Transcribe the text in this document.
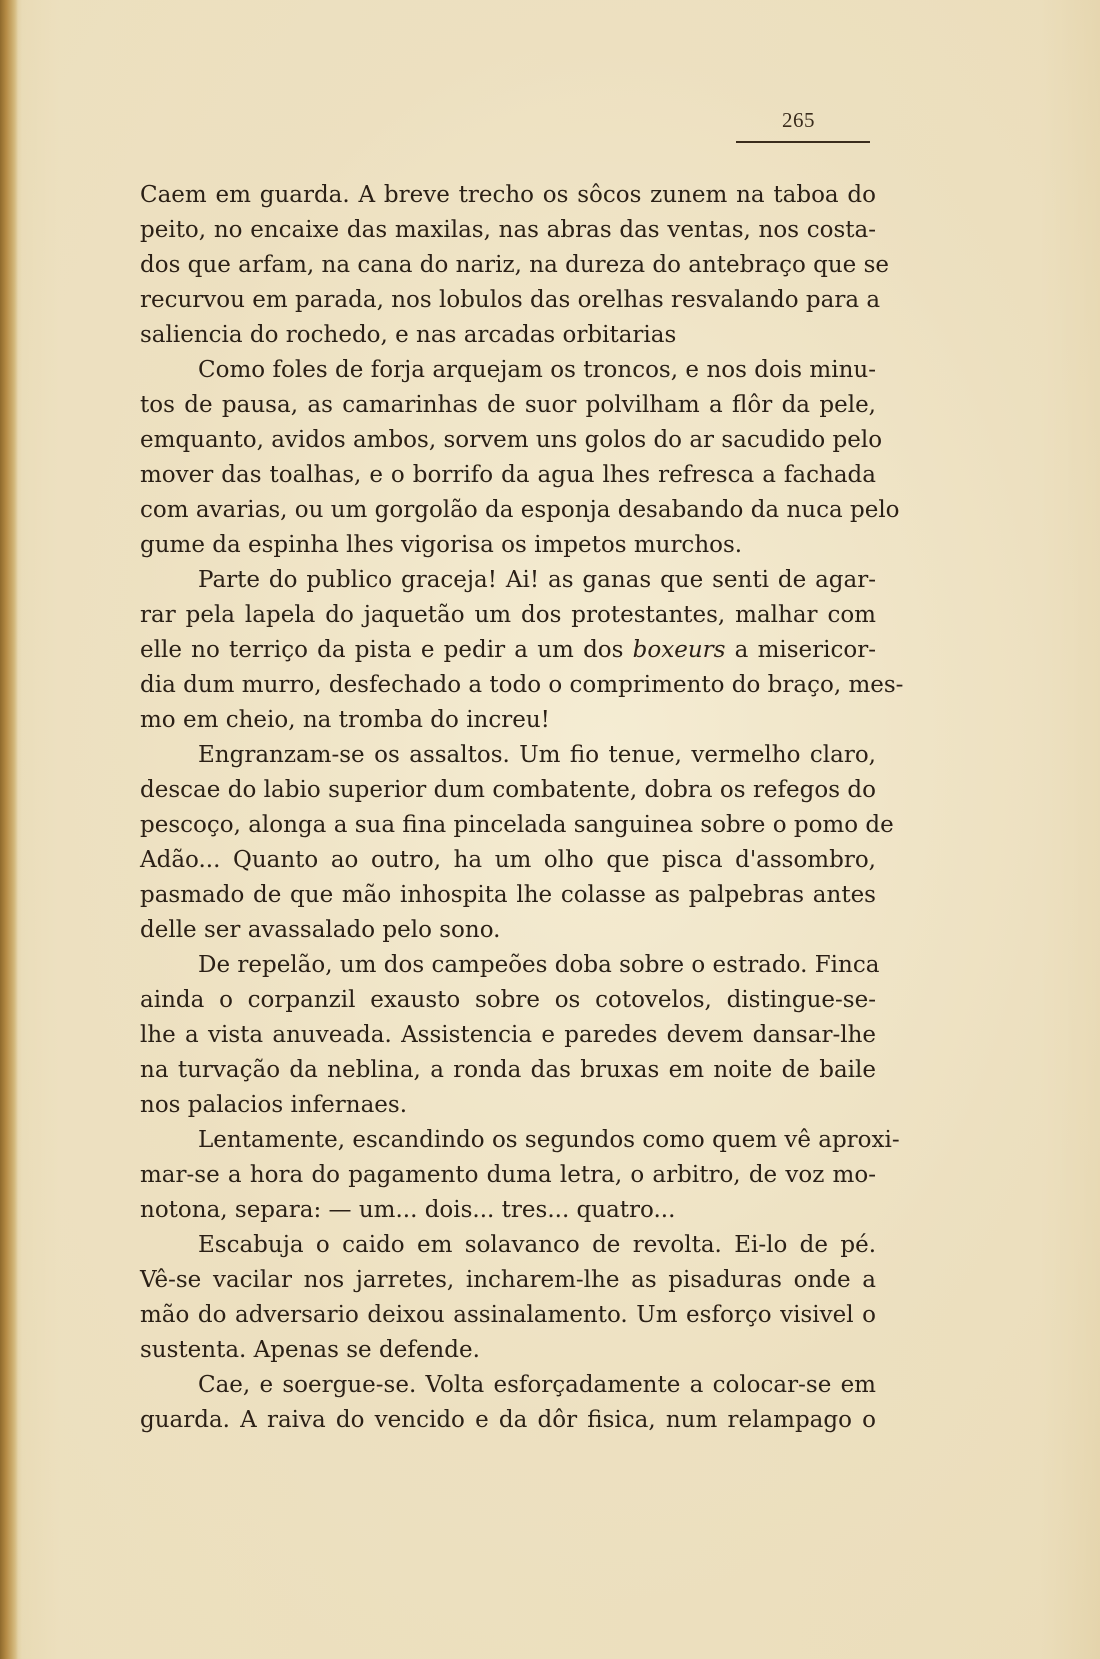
265
Caem em guarda. A breve trecho os sôcos zunem na taboa do
peito, no encaixe das maxilas, nas abras das ventas, nos costa-
dos que arfam, na cana do nariz, na dureza do antebraço que se
recurvou em parada, nos lobulos das orelhas resvalando para a
saliencia do rochedo, e nas arcadas orbitarias
Como foles de forja arquejam os troncos, e nos dois minu-
tos de pausa, as camarinhas de suor polvilham a flôr da pele,
emquanto, avidos ambos, sorvem uns golos do ar sacudido pelo
mover das toalhas, e o borrifo da agua lhes refresca a fachada
com avarias, ou um gorgolão da esponja desabando da nuca pelo
gume da espinha lhes vigorisa os impetos murchos.
Parte do publico graceja! Ai! as ganas que senti de agar-
rar pela lapela do jaquetão um dos protestantes, malhar com
elle no terriço da pista e pedir a um dos boxeurs a misericor-
dia dum murro, desfechado a todo o comprimento do braço, mes-
mo em cheio, na tromba do increu!
Engranzam-se os assaltos. Um fio tenue, vermelho claro,
descae do labio superior dum combatente, dobra os refegos do
pescoço, alonga a sua fina pincelada sanguinea sobre o pomo de
Adão... Quanto ao outro, ha um olho que pisca d'assombro,
pasmado de que mão inhospita lhe colasse as palpebras antes
delle ser avassalado pelo sono.
De repelão, um dos campeões doba sobre o estrado. Finca
ainda o corpanzil exausto sobre os cotovelos, distingue-se-
lhe a vista anuveada. Assistencia e paredes devem dansar-lhe
na turvação da neblina, a ronda das bruxas em noite de baile
nos palacios infernaes.
Lentamente, escandindo os segundos como quem vê aproxi-
mar-se a hora do pagamento duma letra, o arbitro, de voz mo-
notona, separa: — um... dois... tres... quatro...
Escabuja o caido em solavanco de revolta. Ei-lo de pé.
Vê-se vacilar nos jarretes, incharem-lhe as pisaduras onde a
mão do adversario deixou assinalamento. Um esforço visivel o
sustenta. Apenas se defende.
Cae, e soergue-se. Volta esforçadamente a colocar-se em
guarda. A raiva do vencido e da dôr fisica, num relampago o
